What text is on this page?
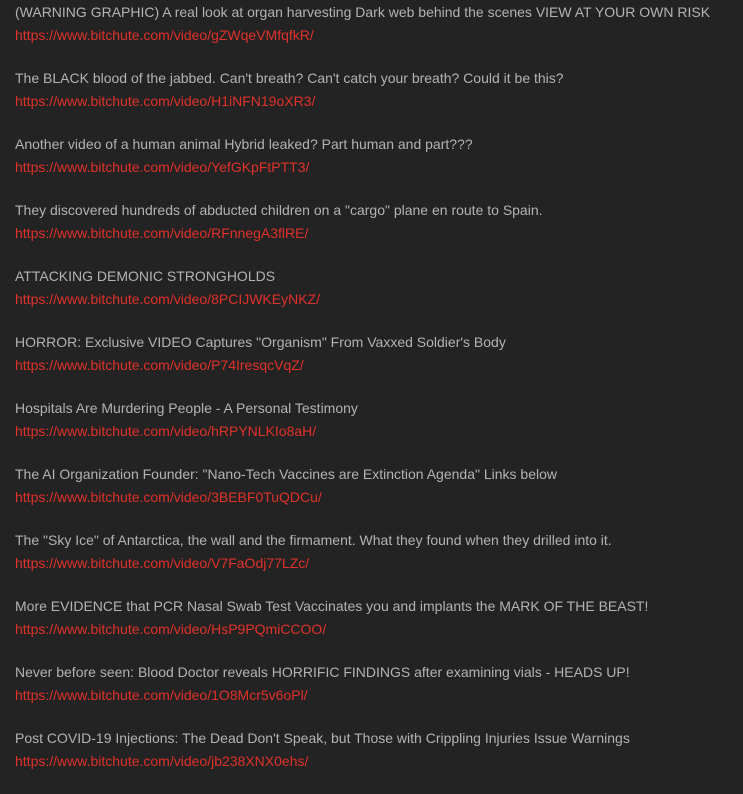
(WARNING GRAPHIC) A real look at organ harvesting Dark web behind the scenes VIEW AT YOUR OWN RISK

https://www.bitchute.com/video/gZWqeVMfqfkR/

The BLACK blood of the jabbed. Can't breath? Can't catch your breath? Could it be this?

https://www.bitchute.com/video/H1iNFN19oXR3/

Another video of a human animal Hybrid leaked? Part human and part???

https://www.bitchute.com/video/YefGKpFtPTT3/

They discovered hundreds of abducted children on a "cargo" plane en route to Spain.

https://www.bitchute.com/video/RFnnegA3flRE/

ATTACKING DEMONIC STRONGHOLDS

https://www.bitchute.com/video/8PCIJWKEyNKZ/

HORROR: Exclusive VIDEO Captures "Organism" From Vaxxed Soldier's Body

https://www.bitchute.com/video/P74IresqcVqZ/

Hospitals Are Murdering People - A Personal Testimony

https://www.bitchute.com/video/hRPYNLKIo8aH/

The AI Organization Founder: "Nano-Tech Vaccines are Extinction Agenda" Links below

https://www.bitchute.com/video/3BEBF0TuQDCu/

The "Sky Ice" of Antarctica, the wall and the firmament. What they found when they drilled into it.

https://www.bitchute.com/video/V7FaOdj77LZc/

More EVIDENCE that PCR Nasal Swab Test Vaccinates you and implants the MARK OF THE BEAST!

https://www.bitchute.com/video/HsP9PQmiCCOO/

Never before seen: Blood Doctor reveals HORRIFIC FINDINGS after examining vials - HEADS UP!

https://www.bitchute.com/video/1O8Mcr5v6oPl/

Post COVID-19 Injections: The Dead Don't Speak, but Those with Crippling Injuries Issue Warnings

https://www.bitchute.com/video/jb238XNX0ehs/
